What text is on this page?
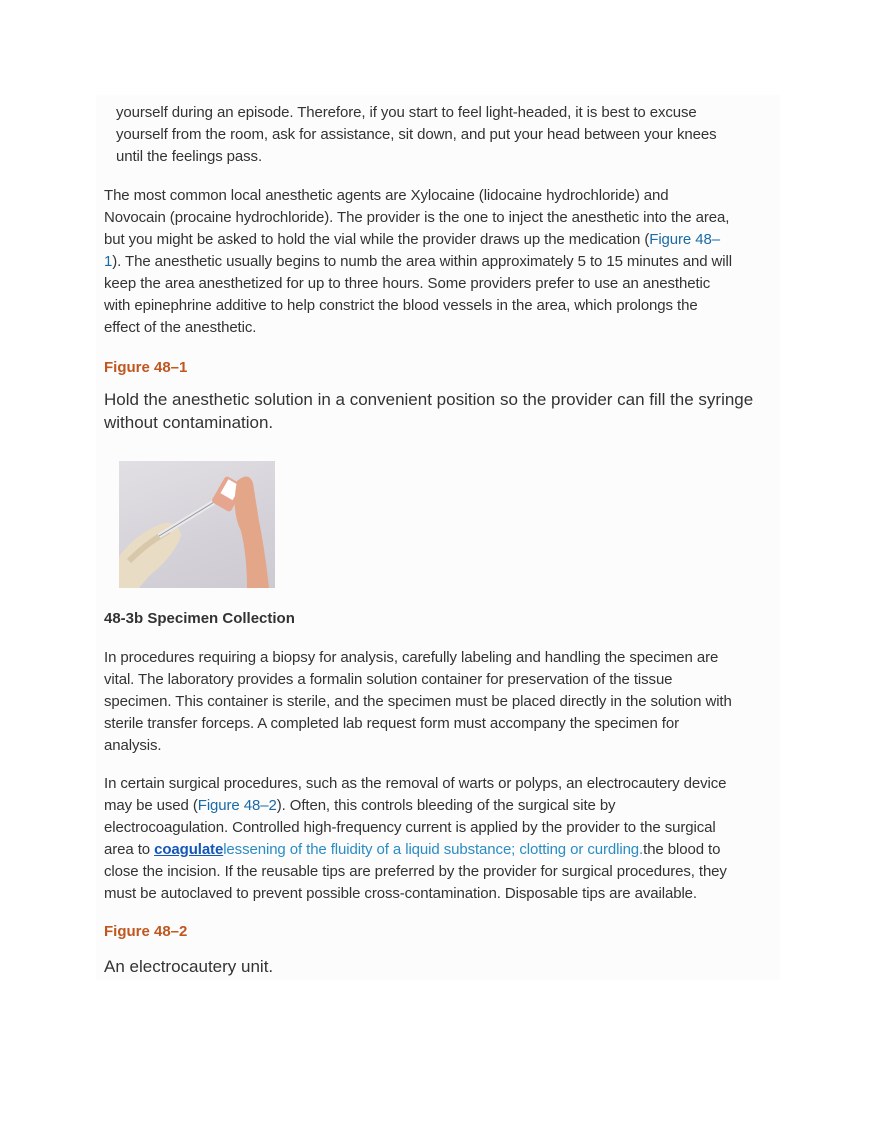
yourself during an episode. Therefore, if you start to feel light-headed, it is best to excuse
yourself from the room, ask for assistance, sit down, and put your head between your knees
until the feelings pass.
The most common local anesthetic agents are Xylocaine (lidocaine hydrochloride) and
Novocain (procaine hydrochloride). The provider is the one to inject the anesthetic into the area,
but you might be asked to hold the vial while the provider draws up the medication (Figure 48–
1). The anesthetic usually begins to numb the area within approximately 5 to 15 minutes and will
keep the area anesthetized for up to three hours. Some providers prefer to use an anesthetic
with epinephrine additive to help constrict the blood vessels in the area, which prolongs the
effect of the anesthetic.
Figure 48–1
Hold the anesthetic solution in a convenient position so the provider can fill the syringe
without contamination.
48-3b Specimen Collection
In procedures requiring a biopsy for analysis, carefully labeling and handling the specimen are
vital. The laboratory provides a formalin solution container for preservation of the tissue
specimen. This container is sterile, and the specimen must be placed directly in the solution with
sterile transfer forceps. A completed lab request form must accompany the specimen for
analysis.
In certain surgical procedures, such as the removal of warts or polyps, an electrocautery device
may be used (Figure 48–2). Often, this controls bleeding of the surgical site by
electrocoagulation. Controlled high-frequency current is applied by the provider to the surgical
area to coagulatelessening of the fluidity of a liquid substance; clotting or curdling.the blood to
close the incision. If the reusable tips are preferred by the provider for surgical procedures, they
must be autoclaved to prevent possible cross-contamination. Disposable tips are available.
Figure 48–2
An electrocautery unit.
